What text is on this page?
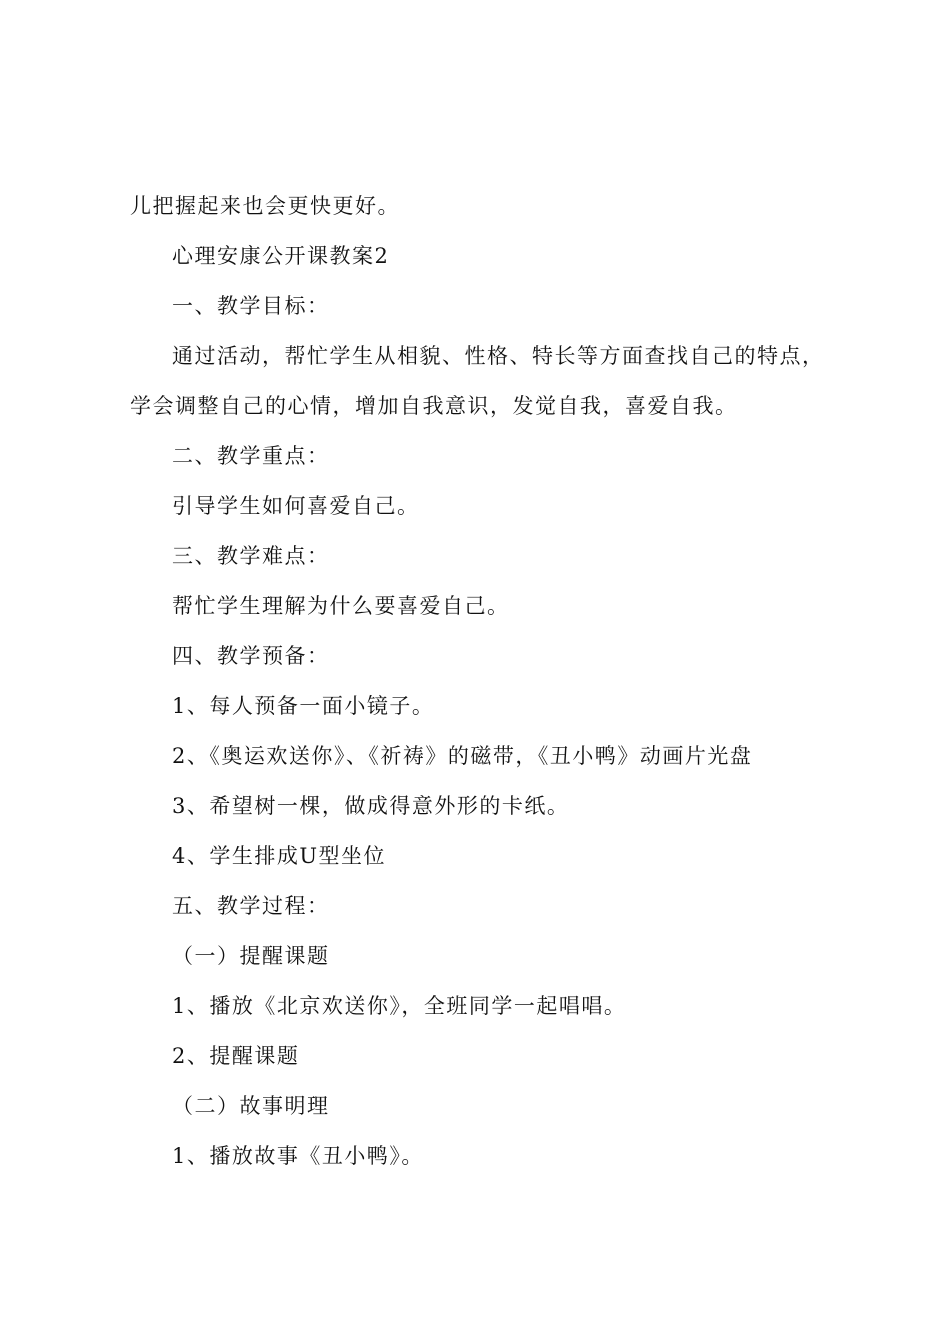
儿把握起来也会更快更好。
心理安康公开课教案2
一、教学目标：
通过活动，帮忙学生从相貌、性格、特长等方面查找自己的特点，
学会调整自己的心情，增加自我意识，发觉自我，喜爱自我。
二、教学重点：
引导学生如何喜爱自己。
三、教学难点：
帮忙学生理解为什么要喜爱自己。
四、教学预备：
1、每人预备一面小镜子。
2、《奥运欢送你》、《祈祷》的磁带，《丑小鸭》动画片光盘
3、希望树一棵，做成得意外形的卡纸。
4、学生排成U型坐位
五、教学过程：
（一）提醒课题
1、播放《北京欢送你》，全班同学一起唱唱。
2、提醒课题
（二）故事明理
1、播放故事《丑小鸭》。
